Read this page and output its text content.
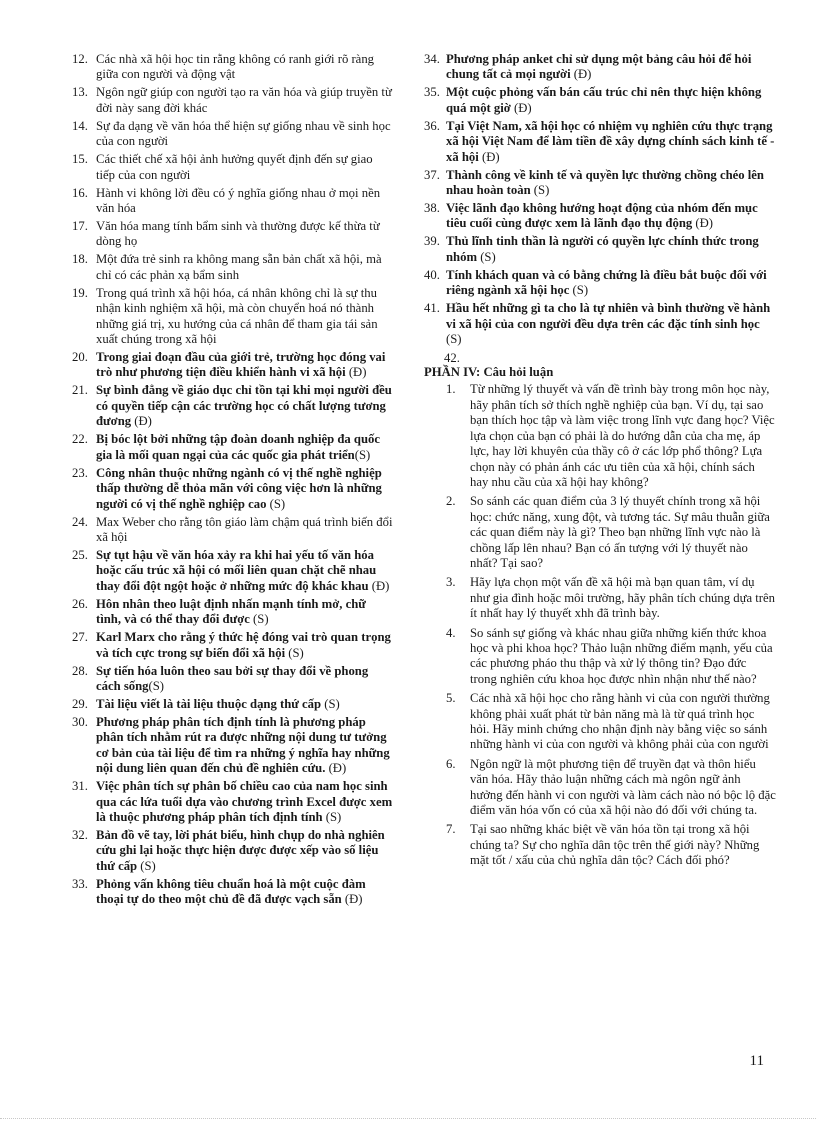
12. Các nhà xã hội học tin rằng không có ranh giới rõ ràng giữa con người và động vật
13. Ngôn ngữ giúp con người tạo ra văn hóa và giúp truyền từ đời này sang đời khác
14. Sự đa dạng về văn hóa thể hiện sự giống nhau về sinh học của con người
15. Các thiết chế xã hội ảnh hưởng quyết định đến sự giao tiếp của con người
16. Hành vi không lời đều có ý nghĩa giống nhau ở mọi nền văn hóa
17. Văn hóa mang tính bẩm sinh và thường được kế thừa từ dòng họ
18. Một đứa trẻ sinh ra không mang sẵn bản chất xã hội, mà chỉ có các phản xạ bẩm sinh
19. Trong quá trình xã hội hóa, cá nhân không chỉ là sự thu nhận kinh nghiệm xã hội, mà còn chuyển hoá nó thành những giá trị, xu hướng của cá nhân để tham gia tái sản xuất chúng trong xã hội
20. Trong giai đoạn đầu của giới trẻ, trường học đóng vai trò như phương tiện điều khiển hành vi xã hội (Đ)
21. Sự bình đẳng về giáo dục chỉ tồn tại khi mọi người đều có quyền tiếp cận các trường học có chất lượng tương đương (Đ)
22. Bị bóc lột bởi những tập đoàn doanh nghiệp đa quốc gia là mối quan ngại của các quốc gia phát triển(S)
23. Công nhân thuộc những ngành có vị thế nghề nghiệp thấp thường dễ thỏa mãn với công việc hơn là những người có vị thế nghề nghiệp cao (S)
24. Max Weber cho rằng tôn giáo làm chậm quá trình biến đổi xã hội
25. Sự tụt hậu về văn hóa xảy ra khi hai yếu tố văn hóa hoặc cấu trúc xã hội có mối liên quan chặt chẽ nhau thay đổi đột ngột hoặc ở những mức độ khác khau (Đ)
26. Hôn nhân theo luật định nhấn mạnh tính mở, chữ tình, và có thể thay đổi được (S)
27. Karl Marx cho rằng ý thức hệ đóng vai trò quan trọng và tích cực trong sự biến đổi xã hội (S)
28. Sự tiến hóa luôn theo sau bởi sự thay đổi về phong cách sống(S)
29. Tài liệu viết là tài liệu thuộc dạng thứ cấp (S)
30. Phương pháp phân tích định tính là phương pháp phân tích nhằm rút ra được những nội dung tư tưởng cơ bản của tài liệu để tìm ra những ý nghĩa hay những nội dung liên quan đến chủ đề nghiên cứu. (Đ)
31. Việc phân tích sự phân bố chiều cao của nam học sinh qua các lứa tuổi dựa vào chương trình Excel được xem là thuộc phương pháp phân tích định tính (S)
32. Bản đồ vẽ tay, lời phát biểu, hình chụp do nhà nghiên cứu ghi lại hoặc thực hiện được được xếp vào số liệu thứ cấp (S)
33. Phỏng vấn không tiêu chuẩn hoá là một cuộc đàm thoại tự do theo một chủ đề đã được vạch sẵn (Đ)
34. Phương pháp anket chỉ sử dụng một bảng câu hỏi để hỏi chung tất cả mọi người (Đ)
35. Một cuộc phỏng vấn bán cấu trúc chỉ nên thực hiện không quá một giờ (Đ)
36. Tại Việt Nam, xã hội học có nhiệm vụ nghiên cứu thực trạng xã hội Việt Nam để làm tiền đề xây dựng chính sách kinh tế - xã hội (Đ)
37. Thành công về kinh tế và quyền lực thường chồng chéo lên nhau hoàn toàn (S)
38. Việc lãnh đạo không hướng hoạt động của nhóm đến mục tiêu cuối cùng được xem là lãnh đạo thụ động (Đ)
39. Thủ lĩnh tinh thần là người có quyền lực chính thức trong nhóm (S)
40. Tính khách quan và có bằng chứng là điều bắt buộc đối với riêng ngành xã hội học (S)
41. Hầu hết những gì ta cho là tự nhiên và bình thường về hành vi xã hội của con người đều dựa trên các đặc tính sinh học (S)
42.
PHẦN IV: Câu hỏi luận
1.	Từ những lý thuyết và vấn đề trình bày trong môn học này, hãy phân tích sở thích nghề nghiệp của bạn. Ví dụ, tại sao bạn thích học tập và làm việc trong lĩnh vực đang học? Việc lựa chọn của bạn có phải là do hướng dẫn của cha mẹ, áp lực, hay lời khuyên của thầy cô ở các lớp phổ thông? Lựa chọn này có phản ánh các ưu tiên của xã hội, chính sách hay nhu cầu của xã hội hay không?
2.	So sánh các quan điểm của 3 lý thuyết chính trong xã hội học: chức năng, xung đột, và tương tác. Sự mâu thuẫn giữa các quan điểm này là gì? Theo bạn những lĩnh vực nào là chồng lấp lên nhau? Bạn có ấn tượng với lý thuyết nào nhất? Tại sao?
3.	Hãy lựa chọn một vấn đề xã hội mà bạn quan tâm, ví dụ như gia đình hoặc môi trường, hãy phân tích chúng dựa trên ít nhất hay lý thuyết xhh đã trình bày.
4.	So sánh sự giống và khác nhau giữa những kiến thức khoa học và phi khoa học? Thảo luận những điểm mạnh, yếu của các phương pháo thu thập và xử lý thông tin? Đạo đức trong nghiên cứu khoa học được nhìn nhận như thế nào?
5.	Các nhà xã hội học cho rằng hành vi của con người thường không phải xuất phát từ bản năng mà là từ quá trình học hỏi. Hãy minh chứng cho nhận định này bằng việc so sánh những hành vi của con người và không phải của con người
6.	Ngôn ngữ là một phương tiện để truyền đạt và thôn hiểu văn hóa. Hãy thảo luận những cách mà ngôn ngữ ảnh hưởng đến hành vi con người và làm cách nào nó bộc lộ đặc điểm văn hóa vốn có của xã hội nào đó đối với chúng ta.
7.	Tại sao những khác biệt về văn hóa tồn tại trong xã hội chúng ta? Sự cho nghĩa dân tộc trên thế giới này? Những mặt tốt / xấu của chủ nghĩa dân tộc? Cách đối phó?
11
